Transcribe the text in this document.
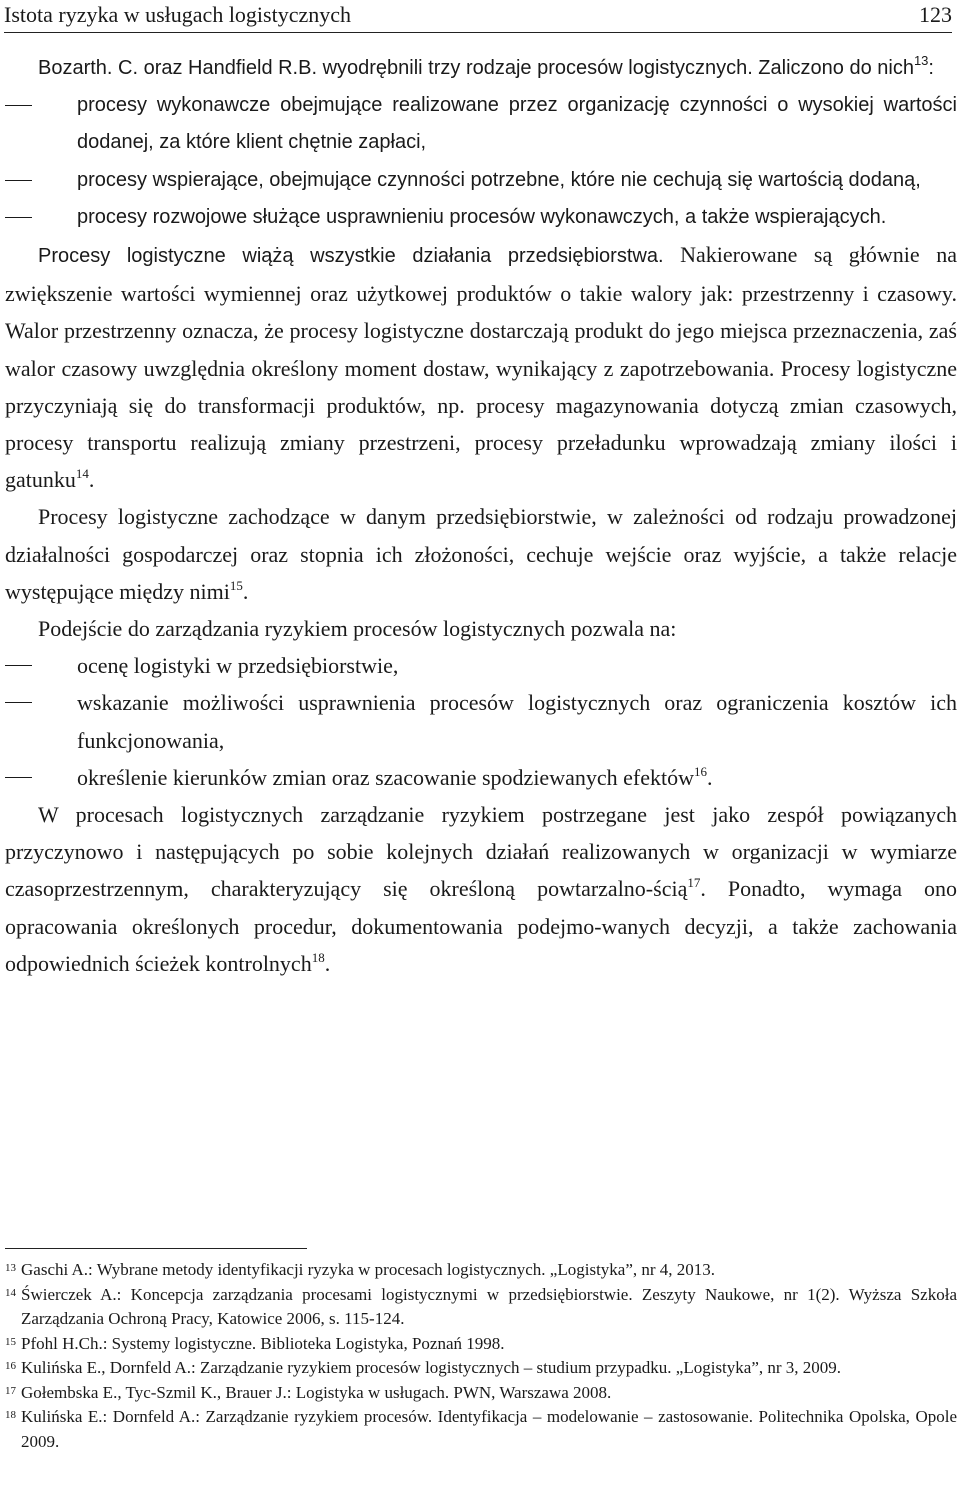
Istota ryzyka w usługach logistycznych	123

Bozarth. C. oraz Handfield R.B. wyodrębnili trzy rodzaje procesów logistycznych. Zaliczono do nich$^{13}$:

procesy wykonawcze obejmujące realizowane przez organizację czynności o wysokiej wartości dodanej, za które klient chętnie zapłaci,
procesy wspierające, obejmujące czynności potrzebne, które nie cechują się wartością dodaną,
procesy rozwojowe służące usprawnieniu procesów wykonawczych, a także wspierających.

Procesy logistyczne wiążą wszystkie działania przedsiębiorstwa. Nakierowane są głównie na zwiększenie wartości wymiennej oraz użytkowej produktów o takie walory jak: przestrzenny i czasowy. Walor przestrzenny oznacza, że procesy logistyczne dostarczają produkt do jego miejsca przeznaczenia, zaś walor czasowy uwzględnia określony moment dostaw, wynikający z zapotrzebowania. Procesy logistyczne przyczyniają się do transformacji produktów, np. procesy magazynowania dotyczą zmian czasowych, procesy transportu realizują zmiany przestrzeni, procesy przeładunku wprowadzają zmiany ilości i gatunku$^{14}$.

Procesy logistyczne zachodzące w danym przedsiębiorstwie, w zależności od rodzaju prowadzonej działalności gospodarczej oraz stopnia ich złożoności, cechuje wejście oraz wyjście, a także relacje występujące między nimi$^{15}$.

Podejście do zarządzania ryzykiem procesów logistycznych pozwala na:

ocenę logistyki w przedsiębiorstwie,
wskazanie możliwości usprawnienia procesów logistycznych oraz ograniczenia kosztów ich funkcjonowania,
określenie kierunków zmian oraz szacowanie spodziewanych efektów$^{16}$.

W procesach logistycznych zarządzanie ryzykiem postrzegane jest jako zespół powiązanych przyczynowo i następujących po sobie kolejnych działań realizowanych w organizacji w wymiarze czasoprzestrzennym, charakteryzujący się określoną powtarzalno-ścią$^{17}$. Ponadto, wymaga ono opracowania określonych procedur, dokumentowania podejmo-wanych decyzji, a także zachowania odpowiednich ścieżek kontrolnych$^{18}$.

13 Gaschi A.: Wybrane metody identyfikacji ryzyka w procesach logistycznych. „Logistyka”, nr 4, 2013.
14 Świerczek A.: Koncepcja zarządzania procesami logistycznymi w przedsiębiorstwie. Zeszyty Naukowe, nr 1(2). Wyższa Szkoła Zarządzania Ochroną Pracy, Katowice 2006, s. 115-124.
15 Pfohl H.Ch.: Systemy logistyczne. Biblioteka Logistyka, Poznań 1998.
16 Kulińska E., Dornfeld A.: Zarządzanie ryzykiem procesów logistycznych – studium przypadku. „Logistyka”, nr 3, 2009.
17 Gołembska E., Tyc-Szmil K., Brauer J.: Logistyka w usługach. PWN, Warszawa 2008.
18 Kulińska E.: Dornfeld A.: Zarządzanie ryzykiem procesów. Identyfikacja – modelowanie – zastosowanie. Politechnika Opolska, Opole 2009.
